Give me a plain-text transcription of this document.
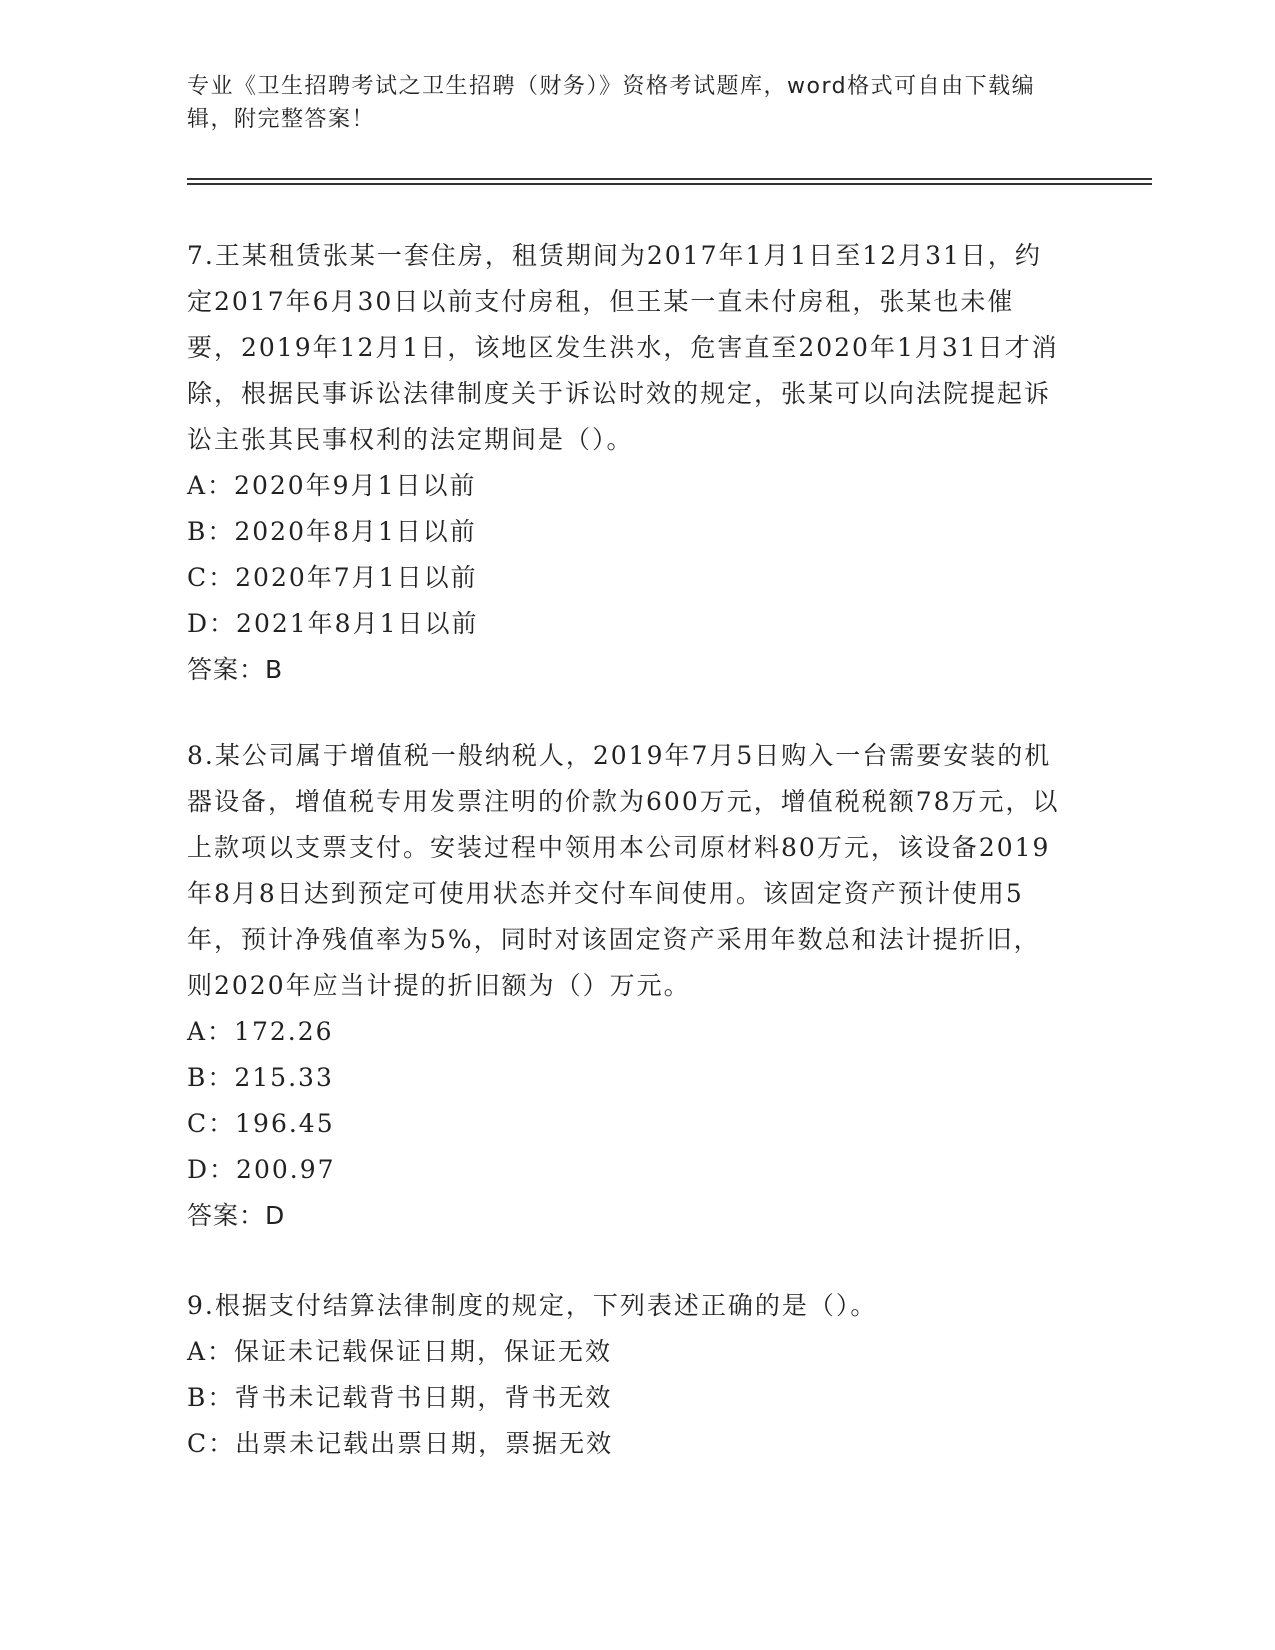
专业《卫生招聘考试之卫生招聘（财务）》资格考试题库，word格式可自由下载编辑，附完整答案！
7.王某租赁张某一套住房，租赁期间为2017年1月1日至12月31日，约定2017年6月30日以前支付房租，但王某一直未付房租，张某也未催要，2019年12月1日，该地区发生洪水，危害直至2020年1月31日才消除，根据民事诉讼法律制度关于诉讼时效的规定，张某可以向法院提起诉讼主张其民事权利的法定期间是（）。
A：2020年9月1日以前
B：2020年8月1日以前
C：2020年7月1日以前
D：2021年8月1日以前
答案：B
8.某公司属于增值税一般纳税人，2019年7月5日购入一台需要安装的机器设备，增值税专用发票注明的价款为600万元，增值税税额78万元，以上款项以支票支付。安装过程中领用本公司原材料80万元，该设备2019年8月8日达到预定可使用状态并交付车间使用。该固定资产预计使用5年，预计净残值率为5%，同时对该固定资产采用年数总和法计提折旧，则2020年应当计提的折旧额为（）万元。
A：172.26
B：215.33
C：196.45
D：200.97
答案：D
9.根据支付结算法律制度的规定，下列表述正确的是（）。
A：保证未记载保证日期，保证无效
B：背书未记载背书日期，背书无效
C：出票未记载出票日期，票据无效
